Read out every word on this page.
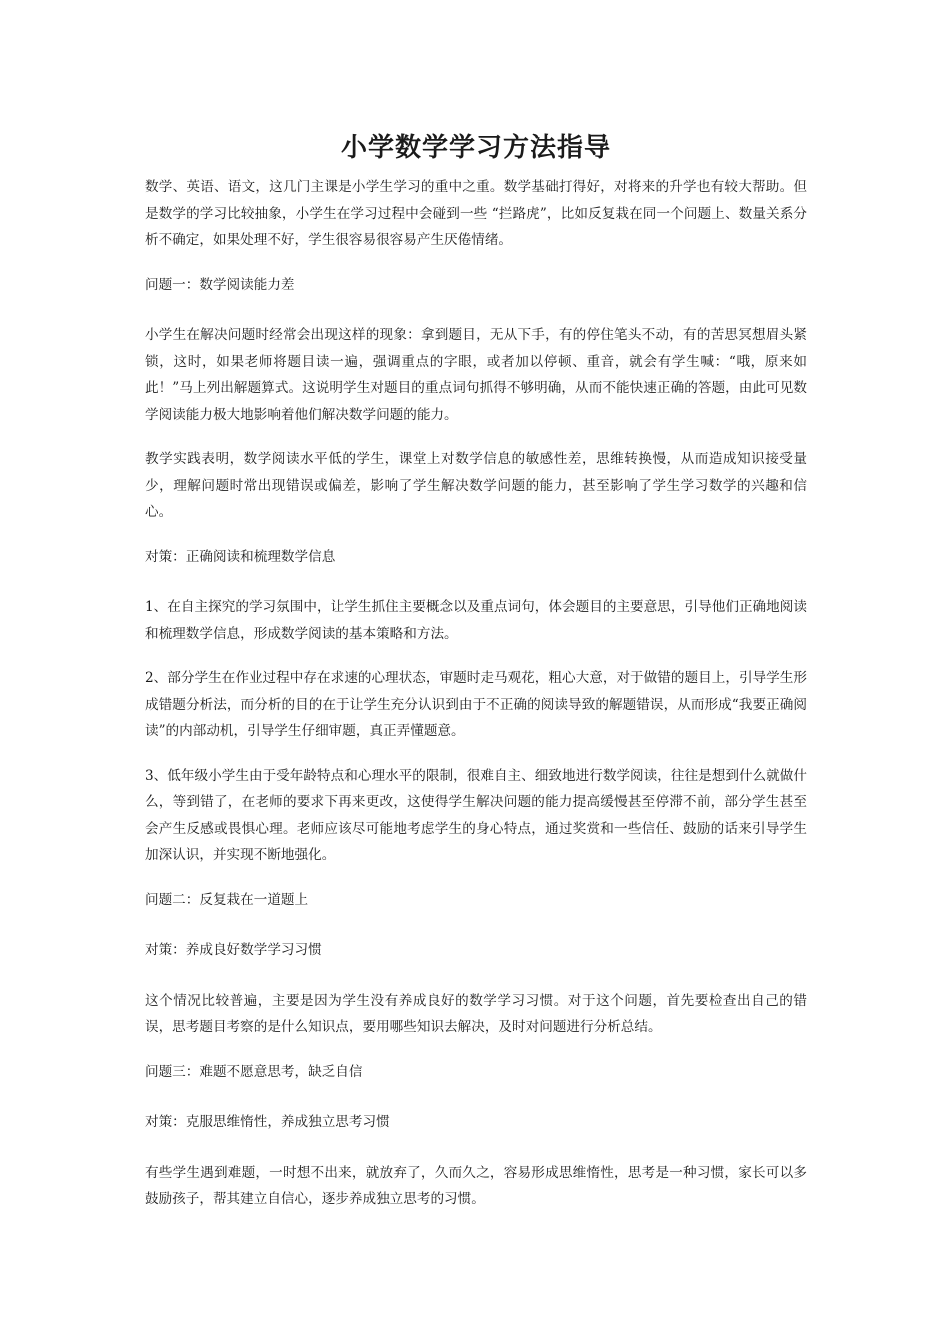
小学数学学习方法指导

数学、英语、语文，这几门主课是小学生学习的重中之重。数学基础打得好，对将来的升学也有较大帮助。但是数学的学习比较抽象，小学生在学习过程中会碰到一些 “拦路虎”，比如反复栽在同一个问题上、数量关系分析不确定，如果处理不好，学生很容易很容易产生厌倦情绪。

问题一：数学阅读能力差

小学生在解决问题时经常会出现这样的现象：拿到题目，无从下手，有的停住笔头不动，有的苦思冥想眉头紧锁，这时，如果老师将题目读一遍，强调重点的字眼，或者加以停顿、重音，就会有学生喊：“哦，原来如此！”马上列出解题算式。这说明学生对题目的重点词句抓得不够明确，从而不能快速正确的答题，由此可见数学阅读能力极大地影响着他们解决数学问题的能力。

教学实践表明，数学阅读水平低的学生，课堂上对数学信息的敏感性差，思维转换慢，从而造成知识接受量少，理解问题时常出现错误或偏差，影响了学生解决数学问题的能力，甚至影响了学生学习数学的兴趣和信心。

对策：正确阅读和梳理数学信息

1、在自主探究的学习氛围中，让学生抓住主要概念以及重点词句，体会题目的主要意思，引导他们正确地阅读和梳理数学信息，形成数学阅读的基本策略和方法。

2、部分学生在作业过程中存在求速的心理状态，审题时走马观花，粗心大意，对于做错的题目上，引导学生形成错题分析法，而分析的目的在于让学生充分认识到由于不正确的阅读导致的解题错误，从而形成“我要正确阅读”的内部动机，引导学生仔细审题，真正弄懂题意。

3、低年级小学生由于受年龄特点和心理水平的限制，很难自主、细致地进行数学阅读，往往是想到什么就做什么，等到错了，在老师的要求下再来更改，这使得学生解决问题的能力提高缓慢甚至停滞不前，部分学生甚至会产生反感或畏惧心理。老师应该尽可能地考虑学生的身心特点，通过奖赏和一些信任、鼓励的话来引导学生加深认识，并实现不断地强化。

问题二：反复栽在一道题上

对策：养成良好数学学习习惯

这个情况比较普遍，主要是因为学生没有养成良好的数学学习习惯。对于这个问题，首先要检查出自己的错误，思考题目考察的是什么知识点，要用哪些知识去解决，及时对问题进行分析总结。

问题三：难题不愿意思考，缺乏自信

对策：克服思维惰性，养成独立思考习惯

有些学生遇到难题，一时想不出来，就放弃了，久而久之，容易形成思维惰性，思考是一种习惯，家长可以多鼓励孩子，帮其建立自信心，逐步养成独立思考的习惯。
